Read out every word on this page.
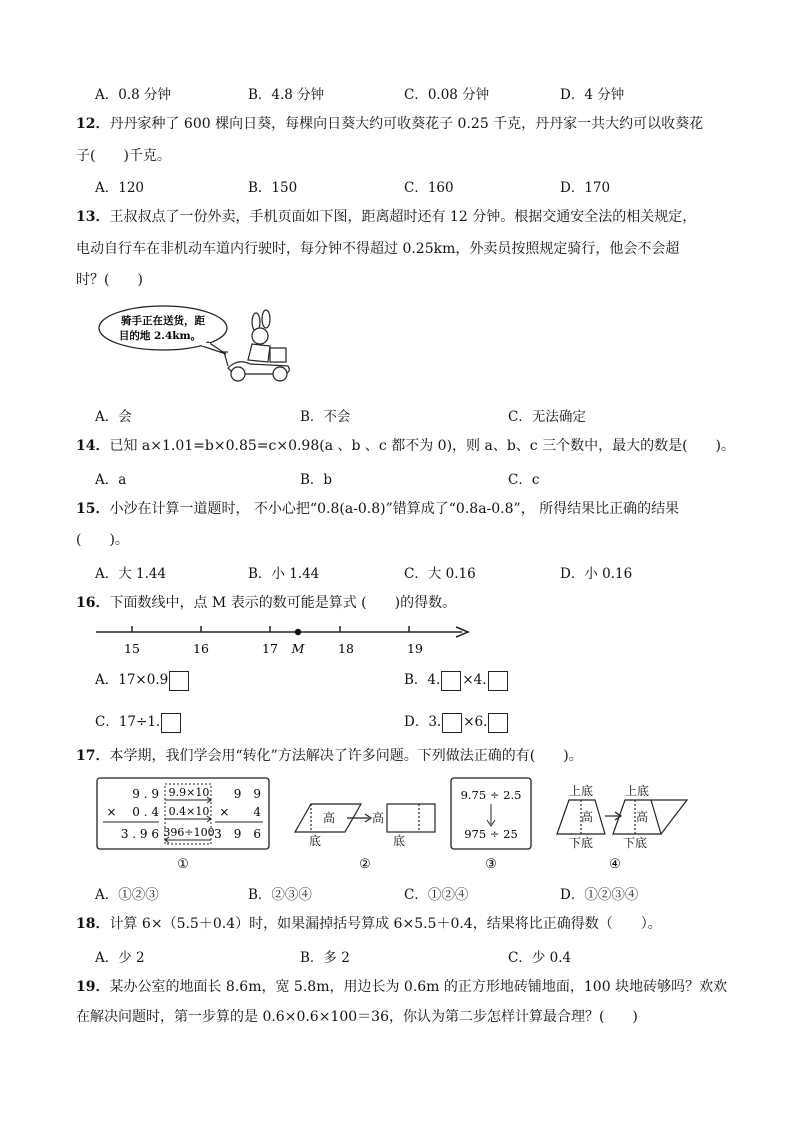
A．0.8 分钟	B．4.8 分钟	C．0.08 分钟	D．4 分钟
12．丹丹家种了 600 棵向日葵，每棵向日葵大约可收葵花子 0.25 千克，丹丹家一共大约可以收葵花
子(　　)千克。
A．120	B．150	C．160	D．170
13．王叔叔点了一份外卖，手机页面如下图，距离超时还有 12 分钟。根据交通安全法的相关规定，
电动自行车在非机动车道内行驶时，每分钟不得超过 0.25km，外卖员按照规定骑行，他会不会超
时？(　　)
骑手正在送货，距
目的地 2.4km。
A．会	B．不会	C．无法确定
14．已知 a×1.01=b×0.85=c×0.98(a 、b 、c 都不为 0)，则 a、b、c 三个数中，最大的数是(　　)。
A．a	B．b	C．c
15．小沙在计算一道题时， 不小心把“0.8(a-0.8)”错算成了“0.8a-0.8”， 所得结果比正确的结果
(　　)。
A．大 1.44	B．小 1.44	C．大 0.16	D．小 0.16
16．下面数线中，点 M 表示的数可能是算式 (　　)的得数。
15	16	17 M	18	19
A．17×0.9	B．4. ×4.
C．17÷1.	D．3. ×6.
17．本学期，我们学会用“转化”方法解决了许多问题。下列做法正确的有(　　)。
9 . 9
× 　0 . 4
3 . 9 6
9.9×10
0.4×10
396÷100
9　9
×　　4
3　9　6
高
底
高
底
9.75 ÷ 2.5
975 ÷ 25
上底
高
下底
上底
高
下底
①	②	③	④
A．①②③	B．②③④	C．①②④	D．①②③④
18．计算 6×（5.5＋0.4）时，如果漏掉括号算成 6×5.5＋0.4，结果将比正确得数（　　）。
A．少 2	B．多 2	C．少 0.4
19．某办公室的地面长 8.6m，宽 5.8m，用边长为 0.6m 的正方形地砖铺地面，100 块地砖够吗？欢欢
在解决问题时，第一步算的是 0.6×0.6×100＝36，你认为第二步怎样计算最合理？(　　)
